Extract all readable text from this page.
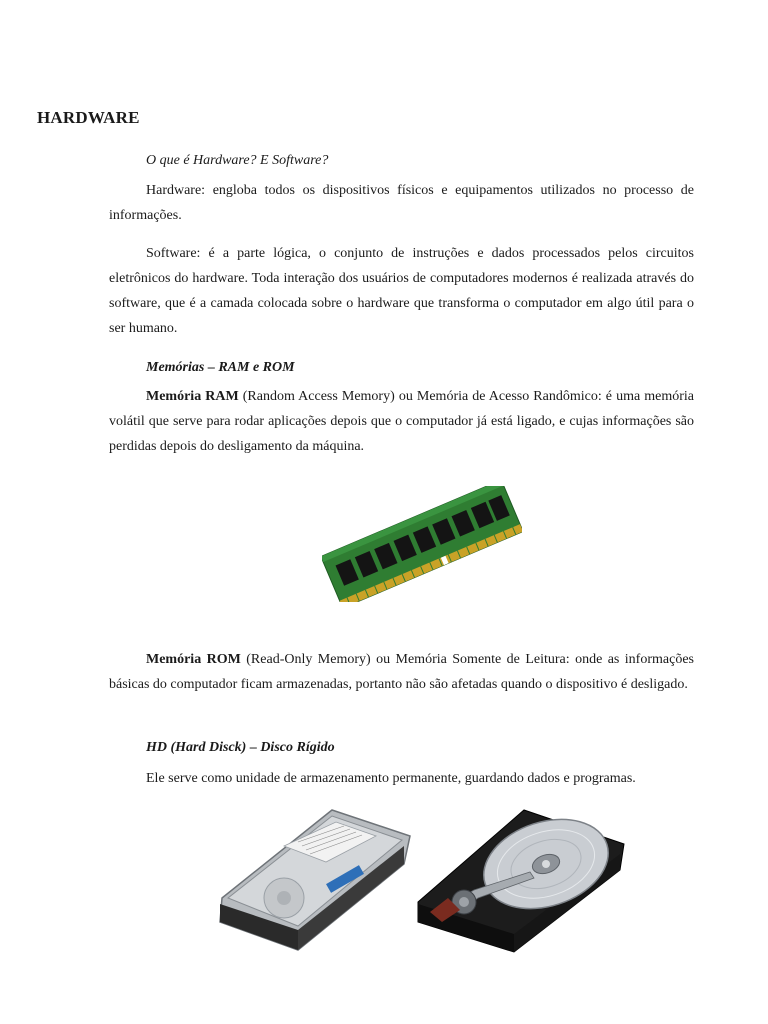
HARDWARE

O que é Hardware? E Software?

Hardware: engloba todos os dispositivos físicos e equipamentos utilizados no processo de informações.

Software: é a parte lógica, o conjunto de instruções e dados processados pelos circuitos eletrônicos do hardware. Toda interação dos usuários de computadores modernos é realizada através do software, que é a camada colocada sobre o hardware que transforma o computador em algo útil para o ser humano.

Memórias – RAM e ROM

Memória RAM (Random Access Memory) ou Memória de Acesso Randômico: é uma memória volátil que serve para rodar aplicações depois que o computador já está ligado, e cujas informações são perdidas depois do desligamento da máquina.

Memória ROM (Read-Only Memory) ou Memória Somente de Leitura: onde as informações básicas do computador ficam armazenadas, portanto não são afetadas quando o dispositivo é desligado.

HD (Hard Disck) – Disco Rígido

Ele serve como unidade de armazenamento permanente, guardando dados e programas.
